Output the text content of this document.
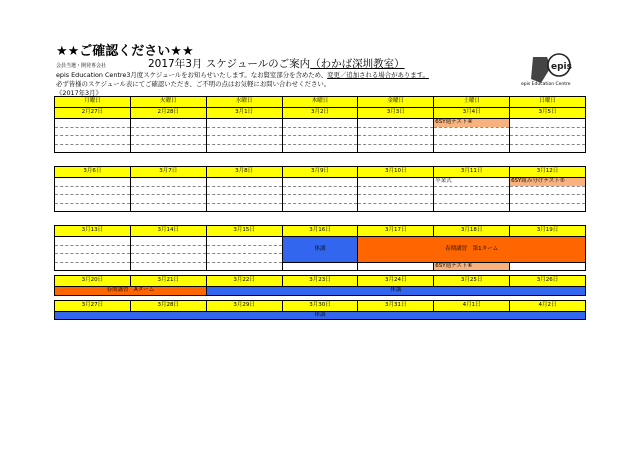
★★ご確認ください★★
2017年3月 スケジュールのご案内（わかば深圳教室）
会員当選・開発専会社
epis Education Centre3月度スケジュールをお知らせいたします。なお賢室部分を含めため、変更／追加される場合があります。
必ず皆様のスケジュール表にてご確認いただき、ご不明の点はお気軽にお問い合わせください。
《2017年3月》
epis
epis Education Centre
月曜日	火曜日	水曜日	木曜日	金曜日	土曜日	日曜日
2月27日	2月28日	3月1日	3月2日	3月3日	3月4日	3月5日
					6SY週テスト④	

3月6日	3月7日	3月8日	3月9日	3月10日	3月11日	3月12日
					卒業式	6SY組み分けテスト⑤

3月13日	3月14日	3月15日	3月16日	3月17日	3月18日	3月19日
			休講	春期講習　第1ターム		

					6SY週テスト⑥	

3月20日	3月21日	3月22日	3月23日	3月24日	3月25日	3月26日
春期講習　Aターム		休講				

3月27日	3月28日	3月29日	3月30日	3月31日	4月1日	4月2日
休講						
